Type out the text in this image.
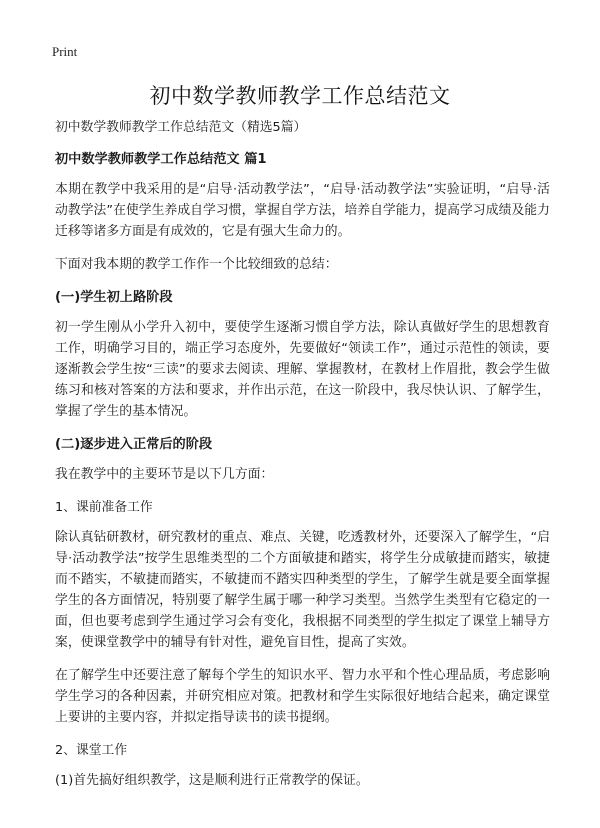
Print
初中数学教师教学工作总结范文
初中数学教师教学工作总结范文（精选5篇）
初中数学教师教学工作总结范文 篇1
本期在教学中我采用的是“启导·活动教学法”，“启导·活动教学法”实验证明，“启导·活动教学法”在使学生养成自学习惯，掌握自学方法，培养自学能力，提高学习成绩及能力迁移等诸多方面是有成效的，它是有强大生命力的。
下面对我本期的教学工作作一个比较细致的总结：
(一)学生初上路阶段
初一学生刚从小学升入初中，要使学生逐渐习惯自学方法，除认真做好学生的思想教育工作，明确学习目的，端正学习态度外，先要做好“领读工作”，通过示范性的领读，要逐渐教会学生按“三读”的要求去阅读、理解、掌握教材，在教材上作眉批，教会学生做练习和核对答案的方法和要求，并作出示范，在这一阶段中，我尽快认识、了解学生，掌握了学生的基本情况。
(二)逐步进入正常后的阶段
我在教学中的主要环节是以下几方面：
1、课前准备工作
除认真钻研教材，研究教材的重点、难点、关键，吃透教材外，还要深入了解学生，“启导·活动教学法”按学生思维类型的二个方面敏捷和踏实，将学生分成敏捷而踏实，敏捷而不踏实，不敏捷而踏实，不敏捷而不踏实四种类型的学生，了解学生就是要全面掌握学生的各方面情况，特别要了解学生属于哪一种学习类型。当然学生类型有它稳定的一面，但也要考虑到学生通过学习会有变化，我根据不同类型的学生拟定了课堂上辅导方案，使课堂教学中的辅导有针对性，避免盲目性，提高了实效。
在了解学生中还要注意了解每个学生的知识水平、智力水平和个性心理品质，考虑影响学生学习的各种因素，并研究相应对策。把教材和学生实际很好地结合起来，确定课堂上要讲的主要内容，并拟定指导读书的读书提纲。
2、课堂工作
(1)首先搞好组织教学，这是顺利进行正常教学的保证。
